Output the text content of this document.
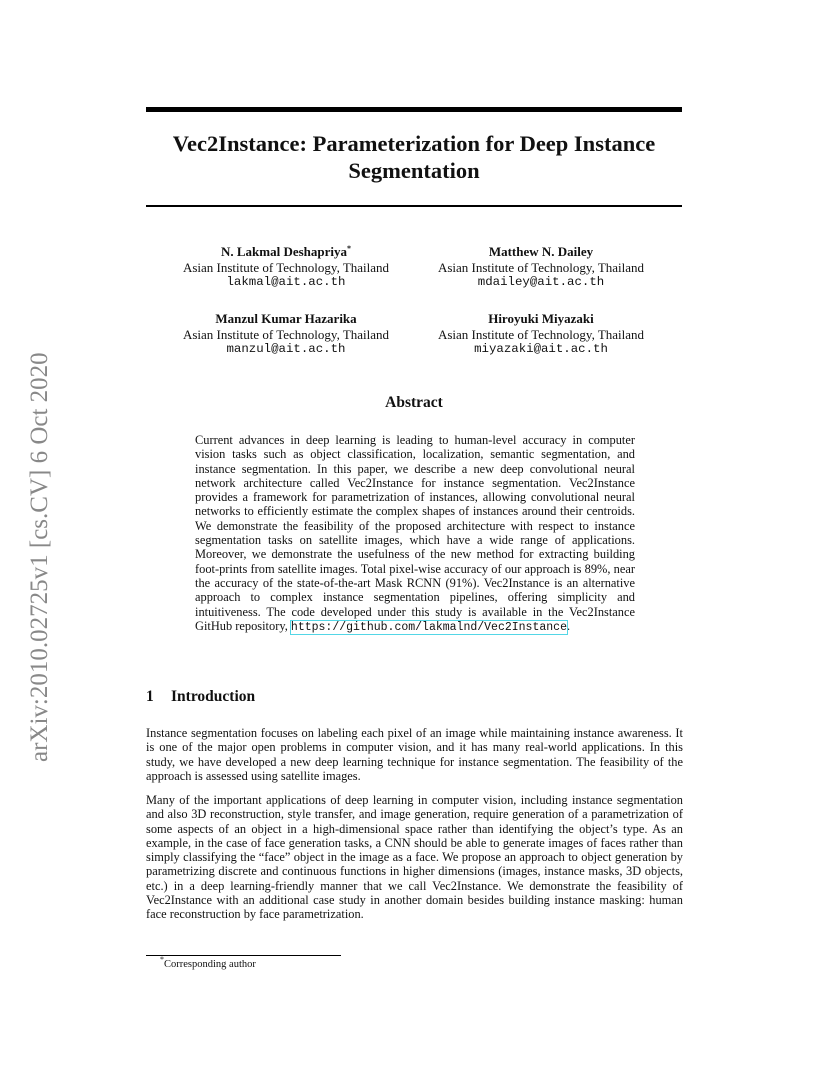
arXiv:2010.02725v1 [cs.CV] 6 Oct 2020
Vec2Instance: Parameterization for Deep Instance Segmentation
N. Lakmal Deshapriya*
Asian Institute of Technology, Thailand
lakmal@ait.ac.th
Matthew N. Dailey
Asian Institute of Technology, Thailand
mdailey@ait.ac.th
Manzul Kumar Hazarika
Asian Institute of Technology, Thailand
manzul@ait.ac.th
Hiroyuki Miyazaki
Asian Institute of Technology, Thailand
miyazaki@ait.ac.th
Abstract
Current advances in deep learning is leading to human-level accuracy in computer vision tasks such as object classification, localization, semantic segmentation, and instance segmentation. In this paper, we describe a new deep convolutional neural network architecture called Vec2Instance for instance segmentation. Vec2Instance provides a framework for parametrization of instances, allowing convolutional neural networks to efficiently estimate the complex shapes of instances around their centroids. We demonstrate the feasibility of the proposed architecture with respect to instance segmentation tasks on satellite images, which have a wide range of applications. Moreover, we demonstrate the usefulness of the new method for extracting building foot-prints from satellite images. Total pixel-wise accuracy of our approach is 89%, near the accuracy of the state-of-the-art Mask RCNN (91%). Vec2Instance is an alternative approach to complex instance segmentation pipelines, offering simplicity and intuitiveness. The code developed under this study is available in the Vec2Instance GitHub repository, https://github.com/lakmalnd/Vec2Instance.
1 Introduction

Instance segmentation focuses on labeling each pixel of an image while maintaining instance awareness. It is one of the major open problems in computer vision, and it has many real-world applications. In this study, we have developed a new deep learning technique for instance segmentation. The feasibility of the approach is assessed using satellite images.

Many of the important applications of deep learning in computer vision, including instance segmentation and also 3D reconstruction, style transfer, and image generation, require generation of a parametrization of some aspects of an object in a high-dimensional space rather than identifying the object’s type. As an example, in the case of face generation tasks, a CNN should be able to generate images of faces rather than simply classifying the “face” object in the image as a face. We propose an approach to object generation by parametrizing discrete and continuous functions in higher dimensions (images, instance masks, 3D objects, etc.) in a deep learning-friendly manner that we call Vec2Instance. We demonstrate the feasibility of Vec2Instance with an additional case study in another domain besides building instance masking: human face reconstruction by face parametrization.

*Corresponding author
